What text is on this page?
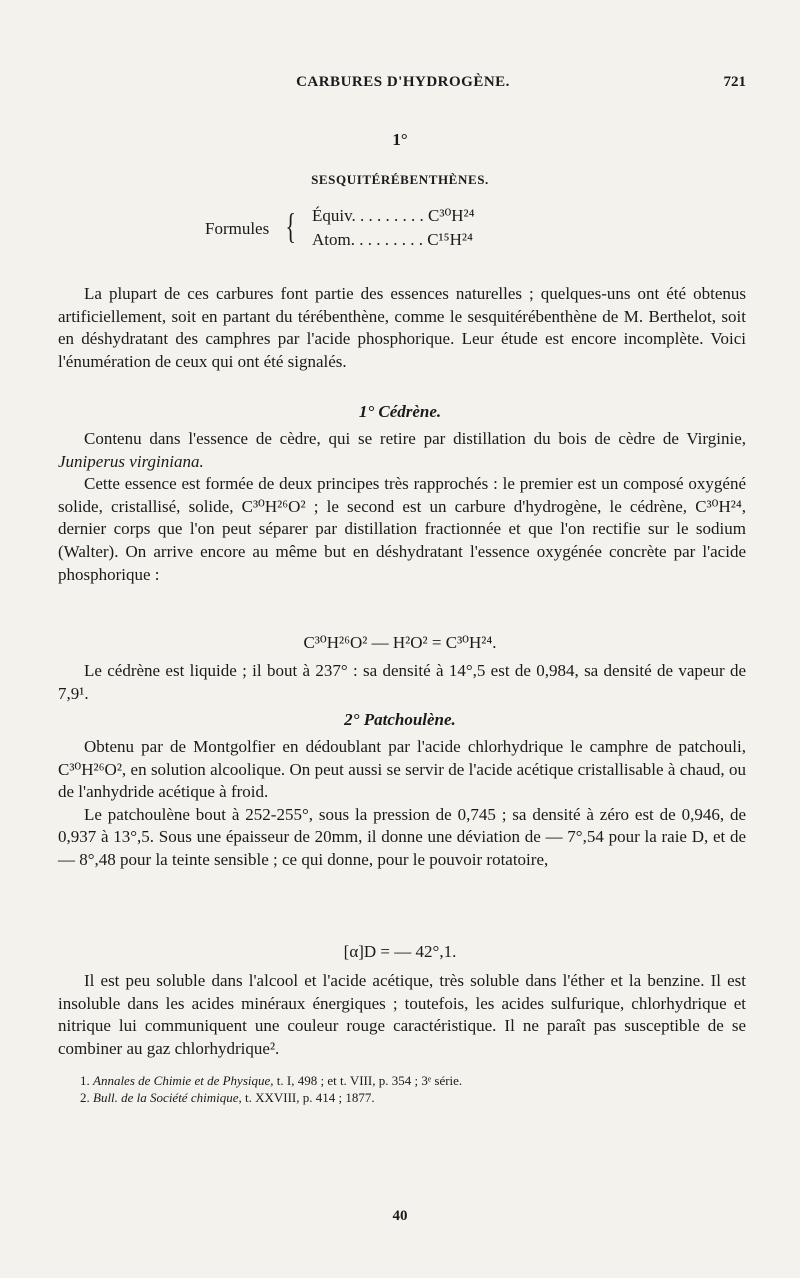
CARBURES D'HYDROGÈNE.	721
1°
SESQUITÉRÉBENTHÈNES.
Formules { Équiv. . . . . . . . . C³⁰H²⁴
Atom. . . . . . . . . C¹⁵H²⁴

La plupart de ces carbures font partie des essences naturelles ; quelques-uns ont été obtenus artificiellement, soit en partant du térébenthène, comme le sesquitérébenthène de M. Berthelot, soit en déshydratant des camphres par l'acide phosphorique. Leur étude est encore incomplète. Voici l'énumération de ceux qui ont été signalés.

1° Cédrène.

Contenu dans l'essence de cèdre, qui se retire par distillation du bois de cèdre de Virginie, Juniperus virginiana.

Cette essence est formée de deux principes très rapprochés : le premier est un composé oxygéné solide, cristallisé, solide, C³⁰H²⁶O² ; le second est un carbure d'hydrogène, le cédrène, C³⁰H²⁴, dernier corps que l'on peut séparer par distillation fractionnée et que l'on rectifie sur le sodium (Walter). On arrive encore au même but en déshydratant l'essence oxygénée concrète par l'acide phosphorique :

C³⁰H²⁶O² — H²O² = C³⁰H²⁴.

Le cédrène est liquide ; il bout à 237° : sa densité à 14°,5 est de 0,984, sa densité de vapeur de 7,9¹.

2° Patchoulène.

Obtenu par de Montgolfier en dédoublant par l'acide chlorhydrique le camphre de patchouli, C³⁰H²⁶O², en solution alcoolique. On peut aussi se servir de l'acide acétique cristallisable à chaud, ou de l'anhydride acétique à froid.

Le patchoulène bout à 252-255°, sous la pression de 0,745 ; sa densité à zéro est de 0,946, de 0,937 à 13°,5. Sous une épaisseur de 20mm, il donne une déviation de — 7°,54 pour la raie D, et de — 8°,48 pour la teinte sensible ; ce qui donne, pour le pouvoir rotatoire,

[α]D = — 42°,1.

Il est peu soluble dans l'alcool et l'acide acétique, très soluble dans l'éther et la benzine. Il est insoluble dans les acides minéraux énergiques ; toutefois, les acides sulfurique, chlorhydrique et nitrique lui communiquent une couleur rouge caractéristique. Il ne paraît pas susceptible de se combiner au gaz chlorhydrique².

1. Annales de Chimie et de Physique, t. I, 498 ; et t. VIII, p. 354 ; 3ᵉ série.
2. Bull. de la Société chimique, t. XXVIII, p. 414 ; 1877.
40
